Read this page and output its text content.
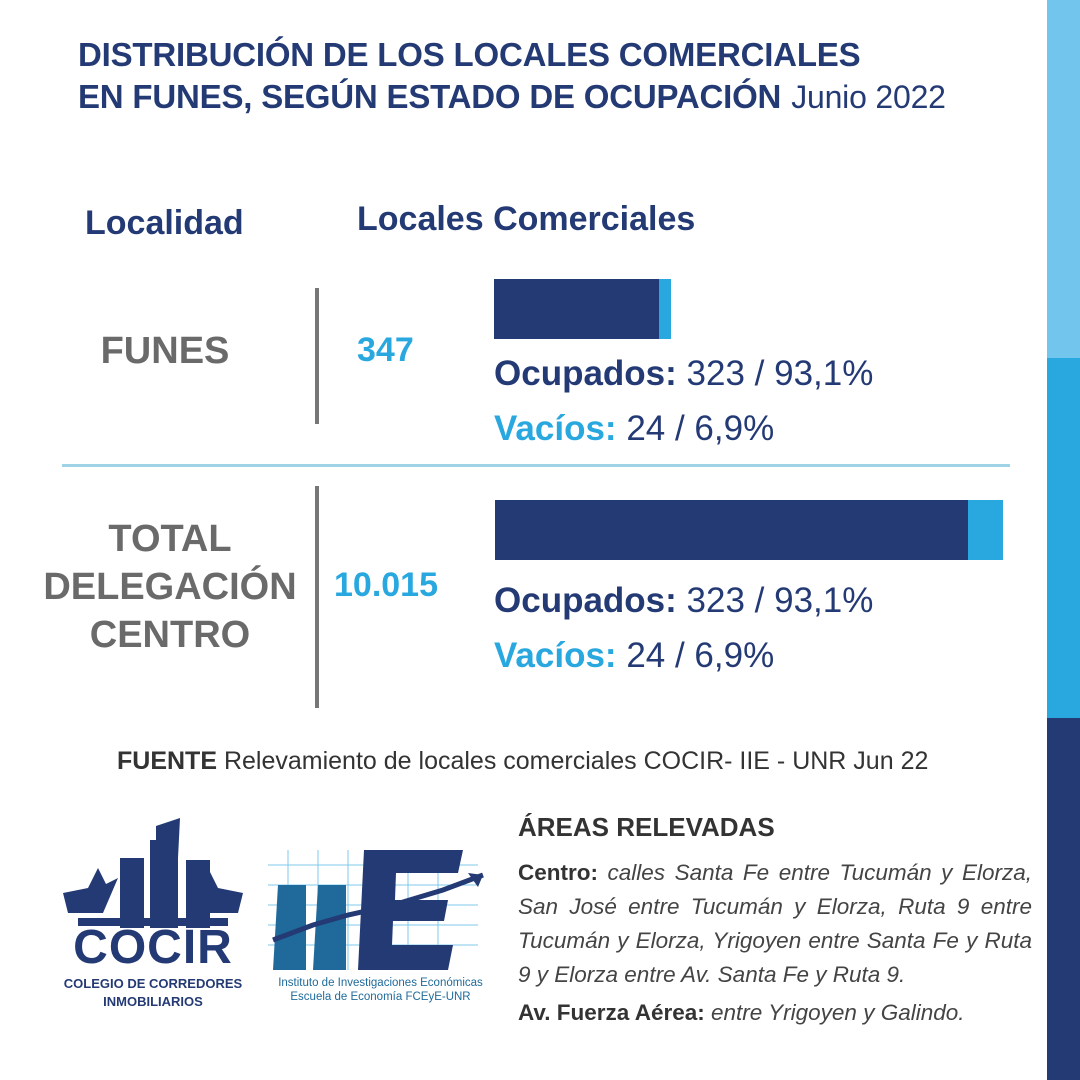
DISTRIBUCIÓN DE LOS LOCALES COMERCIALES
EN FUNES, SEGÚN ESTADO DE OCUPACIÓN Junio 2022
Localidad	Locales Comerciales
FUNES	347
Ocupados: 323 / 93,1%
Vacíos: 24 / 6,9%
TOTAL
DELEGACIÓN
CENTRO
10.015 Ocupados: 323 / 93,1%
Vacíos: 24 / 6,9%
FUENTE Relevamiento de locales comerciales COCIR- IIE - UNR Jun 22
ÁREAS RELEVADAS

Centro: calles Santa Fe entre Tucumán y Elorza, San José entre Tucumán y Elorza, Ruta 9 entre Tucumán y Elorza, Yrigoyen entre Santa Fe y Ruta 9 y Elorza entre Av. Santa Fe y Ruta 9.

Av. Fuerza Aérea: entre Yrigoyen y Galindo.

COCIR
COLEGIO DE CORREDORES
INMOBILIARIOS
Instituto de Investigaciones Económicas
Escuela de Economía FCEyE-UNR
